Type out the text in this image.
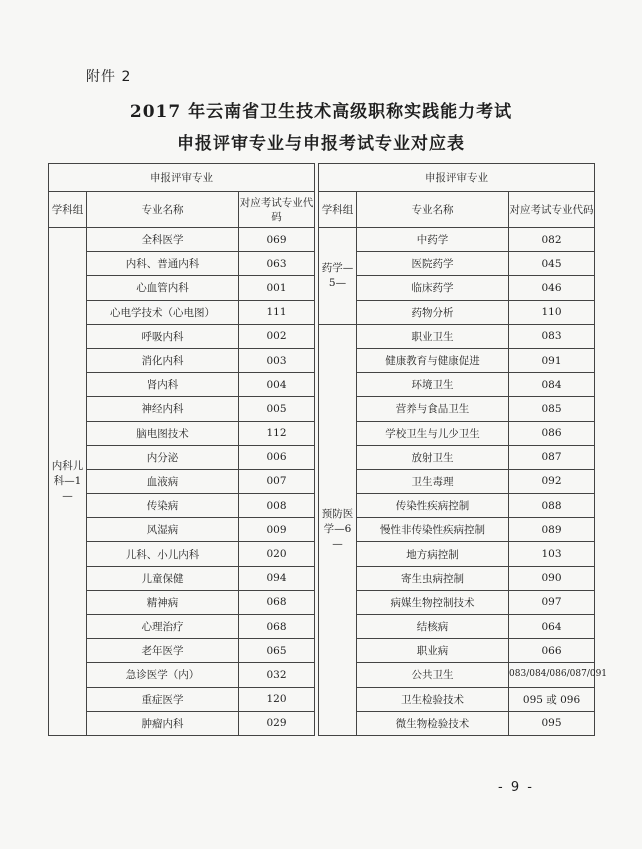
附件 2
2017 年云南省卫生技术高级职称实践能力考试
申报评审专业与申报考试专业对应表
申报评审专业				申报评审专业		
学科组	专业名称	对应考试专业代码		学科组	专业名称	对应考试专业代码
内科儿科—1—	全科医学	069		药学—5—	中药学	082
	内科、普通内科	063			医院药学	045
	心血管内科	001			临床药学	046
	心电学技术（心电图）	111			药物分析	110
	呼吸内科	002		预防医学—6—	职业卫生	083
	消化内科	003			健康教育与健康促进	091
	肾内科	004			环境卫生	084
	神经内科	005			营养与食品卫生	085
	脑电图技术	112			学校卫生与儿少卫生	086
	内分泌	006			放射卫生	087
	血液病	007			卫生毒理	092
	传染病	008			传染性疾病控制	088
	风湿病	009			慢性非传染性疾病控制	089
	儿科、小儿内科	020			地方病控制	103
	儿童保健	094			寄生虫病控制	090
	精神病	068			病媒生物控制技术	097
	心理治疗	068			结核病	064
	老年医学	065			职业病	066
	急诊医学（内）	032			公共卫生	083/084/086/087/091
	重症医学	120			卫生检验技术	095 或 096
	肿瘤内科	029			微生物检验技术	095
- 9 -
